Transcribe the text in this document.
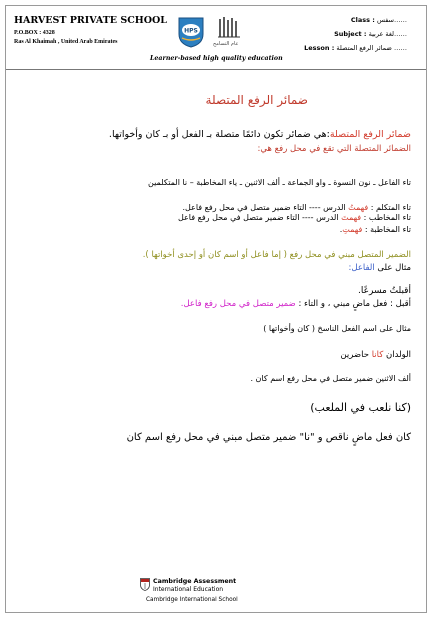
HARVEST PRIVATE SCHOOL
P.O.BOX : 4328
Ras Al Khaimah , United Arab Emirates
HPS
عام التسامح
……سفس Class :
……لغة عربية Subject :
…… ضمائر الرفع المتصلة Lesson :
Learner-based high quality education
ضمائر الرفع المتصلة
ضمائر الرفع المتصلة:هي ضمائر تكون دائمًا متصلة بـ الفعل أو بـ كان وأخواتها.
الضمائر المتصلة التي تقع في محل رفع هي:
تاء الفاعل ـ نون النسوة ـ واو الجماعة ـ ألف الاثنين ـ ياء المخاطبة – نا المتكلمين
تاء المتكلم : فهمتُ الدرس ---- التاء ضمير متصل في محل رفع فاعل.
تاء المخاطب : فهمتَ الدرس ---- التاء ضمير متصل في محل رفع فاعل
تاء المخاطبة : فهمتِ.
الضمير المتصل مبني في محل رفع ( إما فاعل أو اسم كان أو إحدى أخواتها ).
مثال على الفاعل:
أقبلتُ مسرعًا.
أقبل : فعل ماضٍ مبني ، و التاء : ضمير متصل في محل رفع فاعل.
مثال على اسم الفعل الناسخ ( كان وأخواتها )
الولدان كانا حاضرين
ألف الاثنين ضمير متصل في محل رفع اسم كان .
(كنا نلعب في الملعب)
كان فعل ماضٍ ناقص و "نا" ضمير متصل مبني في محل رفع اسم كان
Cambridge Assessment
International Education
Cambridge International School
